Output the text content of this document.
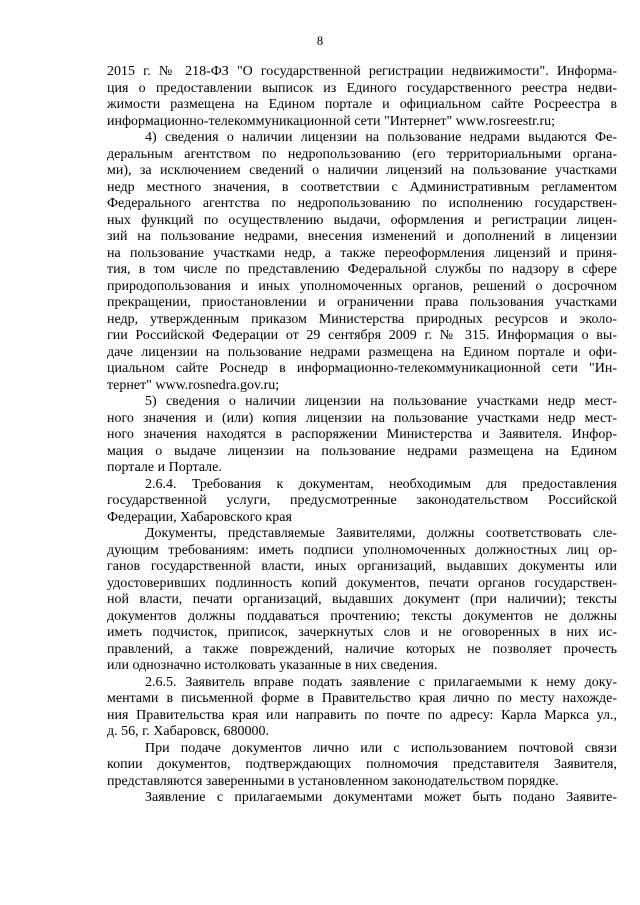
8
2015 г. № 218-ФЗ "О государственной регистрации недвижимости". Информа-
ция о предоставлении выписок из Единого государственного реестра недви-
жимости размещена на Едином портале и официальном сайте Росреестра в
информационно-телекоммуникационной сети "Интернет" www.rosreestr.ru;
4) сведения о наличии лицензии на пользование недрами выдаются Фе-
деральным агентством по недропользованию (его территориальными органа-
ми), за исключением сведений о наличии лицензий на пользование участками
недр местного значения, в соответствии с Административным регламентом
Федерального агентства по недропользованию по исполнению государствен-
ных функций по осуществлению выдачи, оформления и регистрации лицен-
зий на пользование недрами, внесения изменений и дополнений в лицензии
на пользование участками недр, а также переоформления лицензий и приня-
тия, в том числе по представлению Федеральной службы по надзору в сфере
природопользования и иных уполномоченных органов, решений о досрочном
прекращении, приостановлении и ограничении права пользования участками
недр, утвержденным приказом Министерства природных ресурсов и эколо-
гии Российской Федерации от 29 сентября 2009 г. № 315. Информация о вы-
даче лицензии на пользование недрами размещена на Едином портале и офи-
циальном сайте Роснедр в информационно-телекоммуникационной сети "Ин-
тернет" www.rosnedra.gov.ru;
5) сведения о наличии лицензии на пользование участками недр мест-
ного значения и (или) копия лицензии на пользование участками недр мест-
ного значения находятся в распоряжении Министерства и Заявителя. Инфор-
мация о выдаче лицензии на пользование недрами размещена на Едином
портале и Портале.
2.6.4. Требования к документам, необходимым для предоставления
государственной услуги, предусмотренные законодательством Российской
Федерации, Хабаровского края
Документы, представляемые Заявителями, должны соответствовать сле-
дующим требованиям: иметь подписи уполномоченных должностных лиц ор-
ганов государственной власти, иных организаций, выдавших документы или
удостоверивших подлинность копий документов, печати органов государствен-
ной власти, печати организаций, выдавших документ (при наличии); тексты
документов должны поддаваться прочтению; тексты документов не должны
иметь подчисток, приписок, зачеркнутых слов и не оговоренных в них ис-
правлений, а также повреждений, наличие которых не позволяет прочесть
или однозначно истолковать указанные в них сведения.
2.6.5. Заявитель вправе подать заявление с прилагаемыми к нему доку-
ментами в письменной форме в Правительство края лично по месту нахожде-
ния Правительства края или направить по почте по адресу: Карла Маркса ул.,
д. 56, г. Хабаровск, 680000.
При подаче документов лично или с использованием почтовой связи
копии документов, подтверждающих полномочия представителя Заявителя,
представляются заверенными в установленном законодательством порядке.
Заявление с прилагаемыми документами может быть подано Заявите-
